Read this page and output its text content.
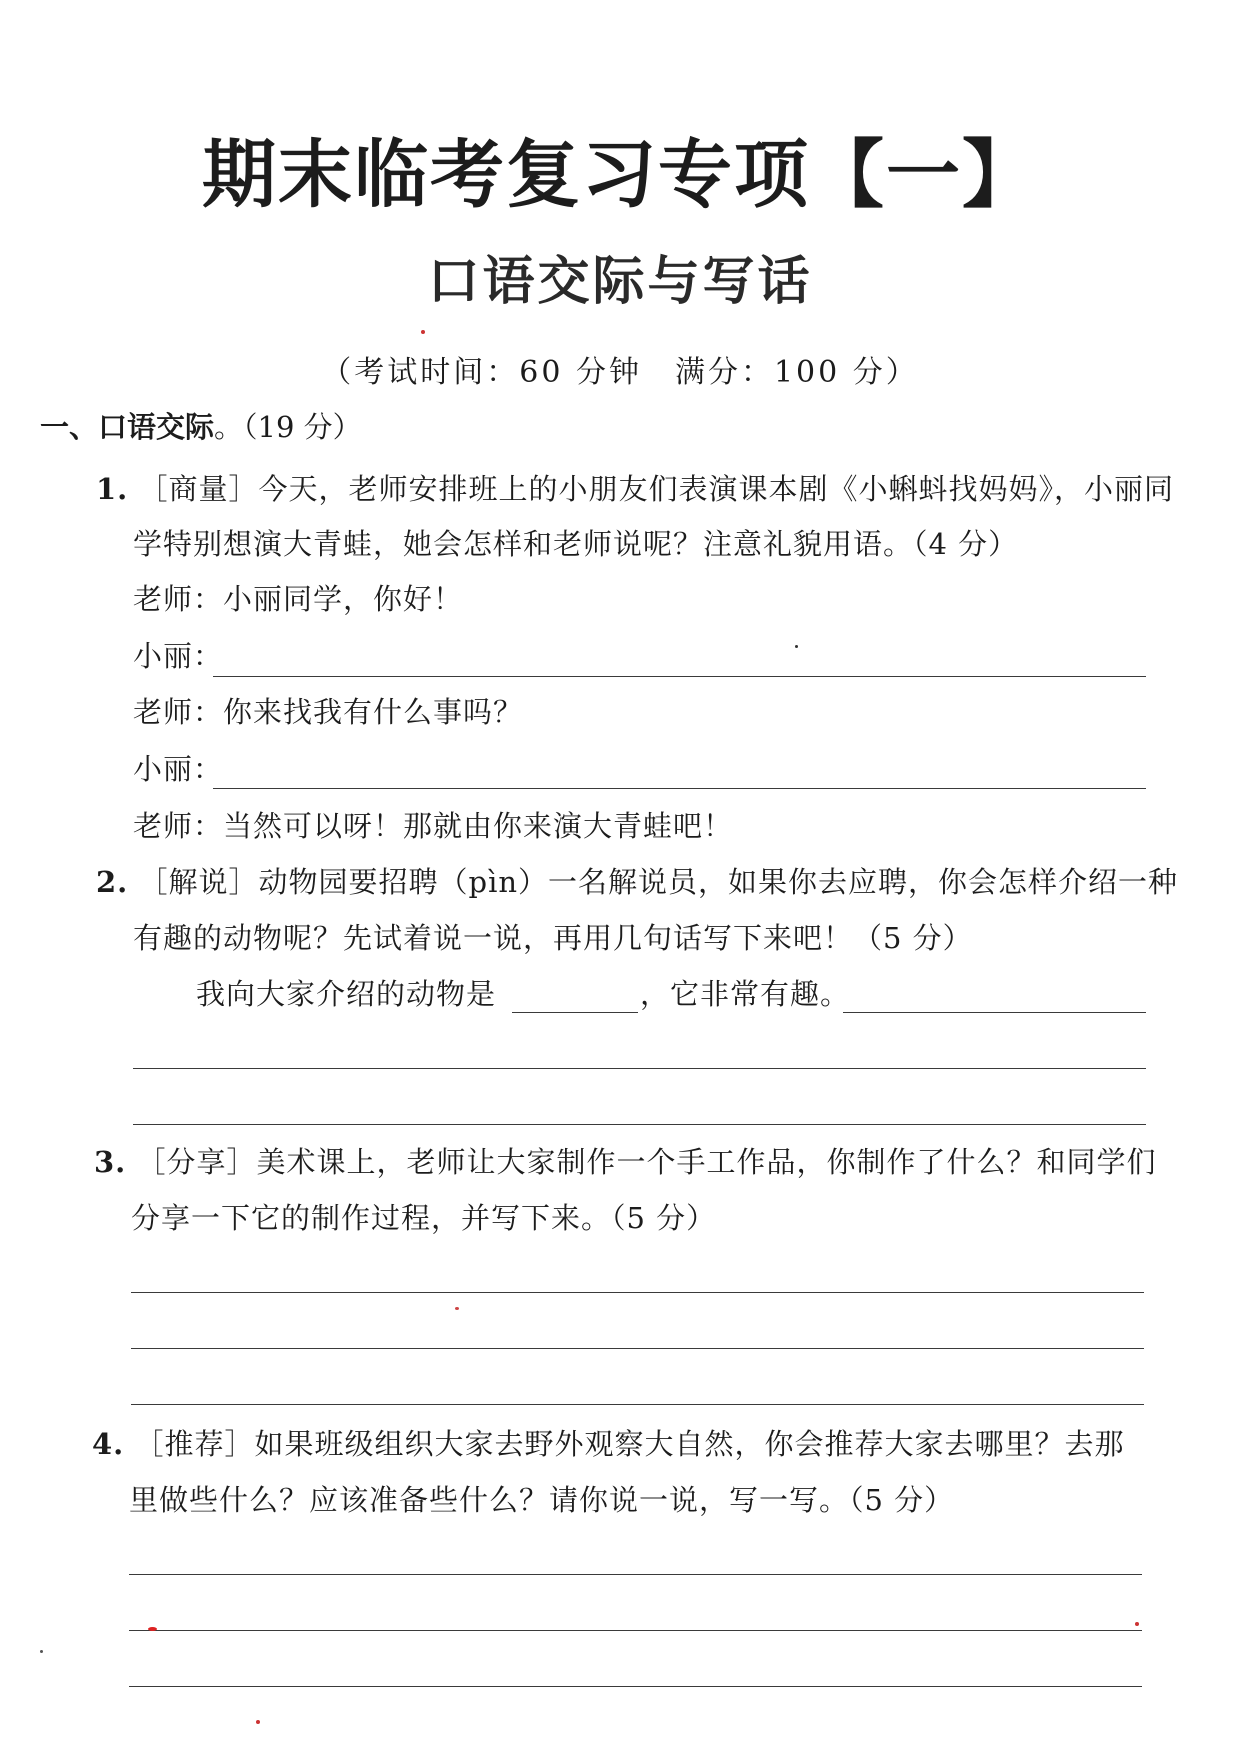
期末临考复习专项【一】
口语交际与写话
（考试时间：60 分钟　满分：100 分）
一、口语交际。（19 分）
1. ［商量］今天，老师安排班上的小朋友们表演课本剧《小蝌蚪找妈妈》，小丽同
学特别想演大青蛙，她会怎样和老师说呢？注意礼貌用语。（4 分）
老师：小丽同学，你好！
小丽：
老师：你来找我有什么事吗？
小丽：
老师：当然可以呀！那就由你来演大青蛙吧！
2. ［解说］动物园要招聘（pìn）一名解说员，如果你去应聘，你会怎样介绍一种
有趣的动物呢？先试着说一说，再用几句话写下来吧！（5 分）
我向大家介绍的动物是	，它非常有趣。
3. ［分享］美术课上，老师让大家制作一个手工作品，你制作了什么？和同学们
分享一下它的制作过程，并写下来。（5 分）
4. ［推荐］如果班级组织大家去野外观察大自然，你会推荐大家去哪里？去那
里做些什么？应该准备些什么？请你说一说，写一写。（5 分）
